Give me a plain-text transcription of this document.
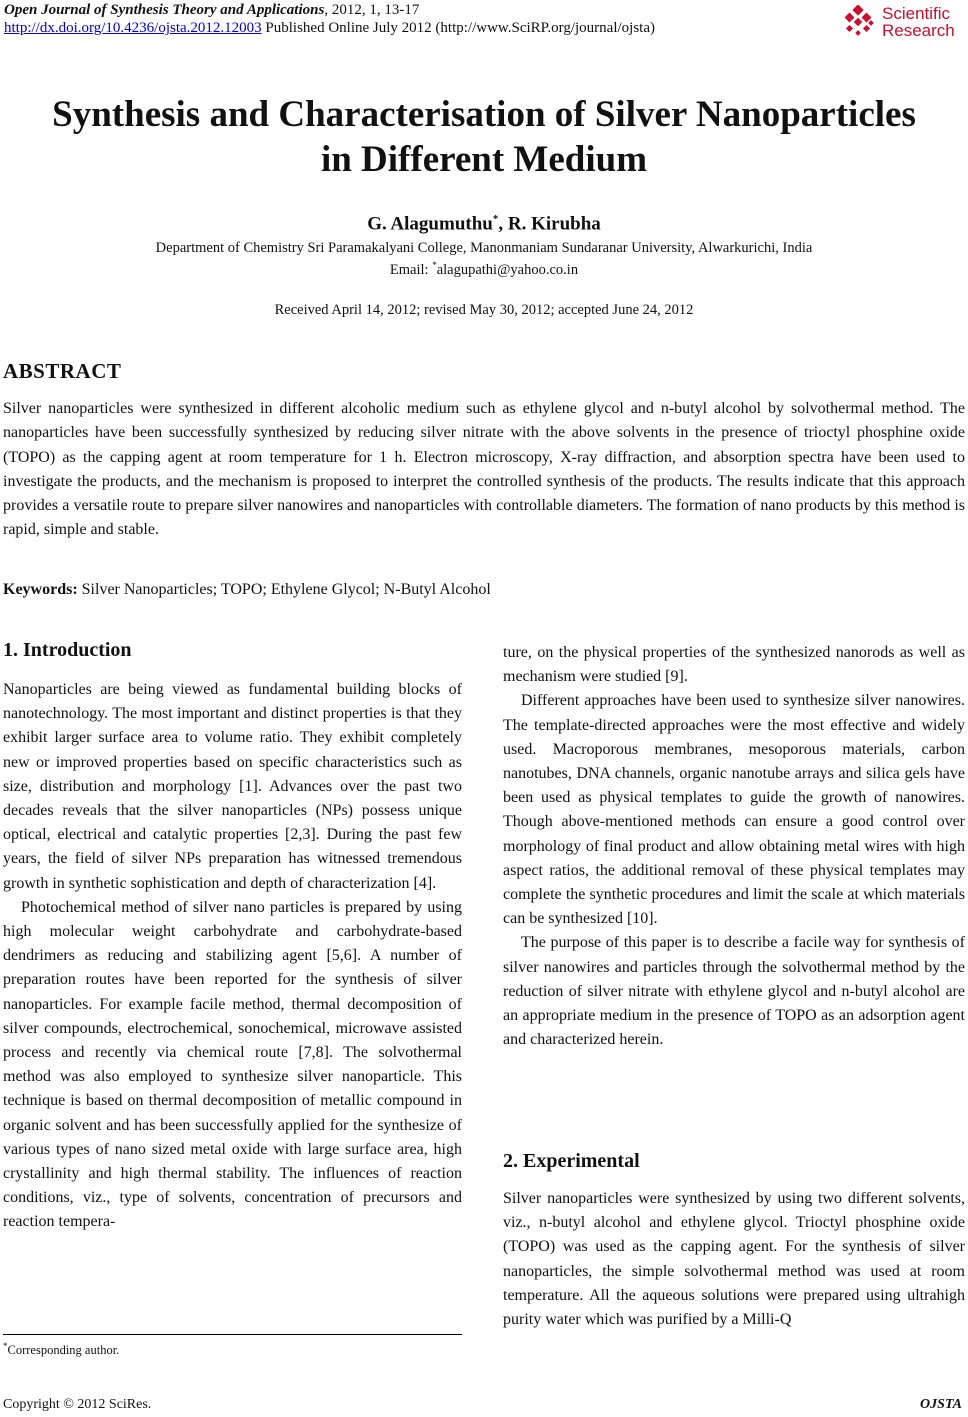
Open Journal of Synthesis Theory and Applications, 2012, 1, 13-17
http://dx.doi.org/10.4236/ojsta.2012.12003 Published Online July 2012 (http://www.SciRP.org/journal/ojsta)
Scientific
Research
Synthesis and Characterisation of Silver Nanoparticles
in Different Medium
G. Alagumuthu*, R. Kirubha
Department of Chemistry Sri Paramakalyani College, Manonmaniam Sundaranar University, Alwarkurichi, India
Email: *alagupathi@yahoo.co.in
Received April 14, 2012; revised May 30, 2012; accepted June 24, 2012
ABSTRACT
Silver nanoparticles were synthesized in different alcoholic medium such as ethylene glycol and n-butyl alcohol by solvothermal method. The nanoparticles have been successfully synthesized by reducing silver nitrate with the above solvents in the presence of trioctyl phosphine oxide (TOPO) as the capping agent at room temperature for 1 h. Electron microscopy, X-ray diffraction, and absorption spectra have been used to investigate the products, and the mechanism is proposed to interpret the controlled synthesis of the products. The results indicate that this approach provides a versatile route to prepare silver nanowires and nanoparticles with controllable diameters. The formation of nano products by this method is rapid, simple and stable.
Keywords: Silver Nanoparticles; TOPO; Ethylene Glycol; N-Butyl Alcohol
1. Introduction

Nanoparticles are being viewed as fundamental building blocks of nanotechnology. The most important and distinct properties is that they exhibit larger surface area to volume ratio. They exhibit completely new or improved properties based on specific characteristics such as size, distribution and morphology [1]. Advances over the past two decades reveals that the silver nanoparticles (NPs) possess unique optical, electrical and catalytic properties [2,3]. During the past few years, the field of silver NPs preparation has witnessed tremendous growth in synthetic sophistication and depth of characterization [4].

Photochemical method of silver nano particles is prepared by using high molecular weight carbohydrate and carbohydrate-based dendrimers as reducing and stabilizing agent [5,6]. A number of preparation routes have been reported for the synthesis of silver nanoparticles. For example facile method, thermal decomposition of silver compounds, electrochemical, sonochemical, microwave assisted process and recently via chemical route [7,8]. The solvothermal method was also employed to synthesize silver nanoparticle. This technique is based on thermal decomposition of metallic compound in organic solvent and has been successfully applied for the synthesize of various types of nano sized metal oxide with large surface area, high crystallinity and high thermal stability. The influences of reaction conditions, viz., type of solvents, concentration of precursors and reaction tempera-

ture, on the physical properties of the synthesized nanorods as well as mechanism were studied [9].

Different approaches have been used to synthesize silver nanowires. The template-directed approaches were the most effective and widely used. Macroporous membranes, mesoporous materials, carbon nanotubes, DNA channels, organic nanotube arrays and silica gels have been used as physical templates to guide the growth of nanowires. Though above-mentioned methods can ensure a good control over morphology of final product and allow obtaining metal wires with high aspect ratios, the additional removal of these physical templates may complete the synthetic procedures and limit the scale at which materials can be synthesized [10].

The purpose of this paper is to describe a facile way for synthesis of silver nanowires and particles through the solvothermal method by the reduction of silver nitrate with ethylene glycol and n-butyl alcohol are an appropriate medium in the presence of TOPO as an adsorption agent and characterized herein.

2. Experimental

Silver nanoparticles were synthesized by using two different solvents, viz., n-butyl alcohol and ethylene glycol. Trioctyl phosphine oxide (TOPO) was used as the capping agent. For the synthesis of silver nanoparticles, the simple solvothermal method was used at room temperature. All the aqueous solutions were prepared using ultrahigh purity water which was purified by a Milli-Q

*Corresponding author.
Copyright © 2012 SciRes.	OJSTA
